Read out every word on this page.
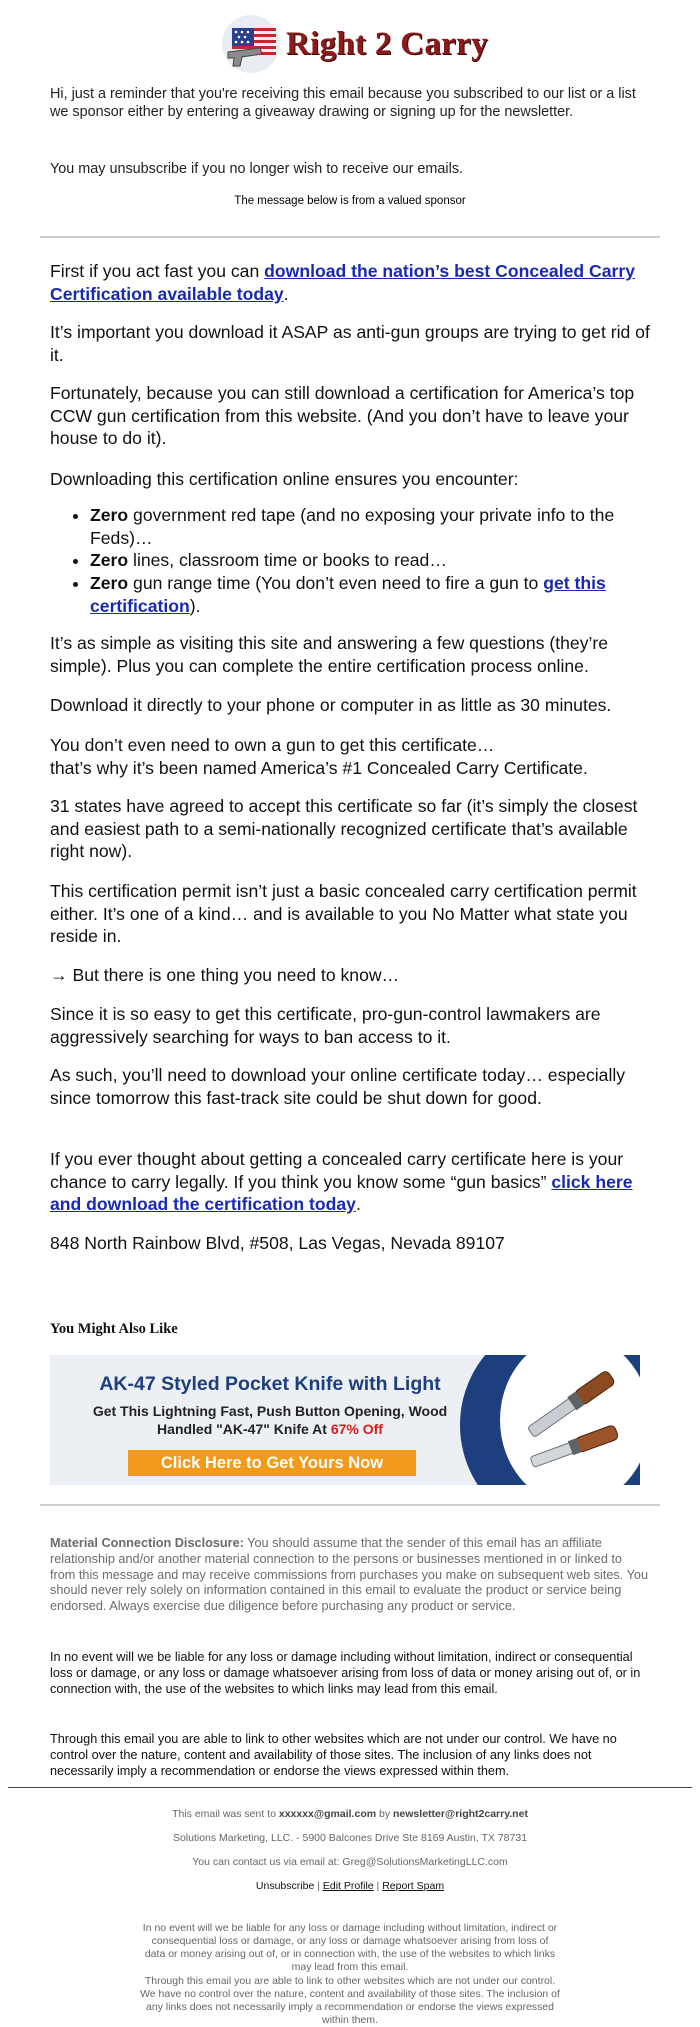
Right 2 Carry

Hi, just a reminder that you're receiving this email because you subscribed to our list or a list we sponsor either by entering a giveaway drawing or signing up for the newsletter.

You may unsubscribe if you no longer wish to receive our emails.

The message below is from a valued sponsor

First if you act fast you can download the nation’s best Concealed Carry Certification available today.

It’s important you download it ASAP as anti-gun groups are trying to get rid of it.

Fortunately, because you can still download a certification for America’s top CCW gun certification from this website. (And you don’t have to leave your house to do it).

Downloading this certification online ensures you encounter:

• Zero government red tape (and no exposing your private info to the Feds)…
• Zero lines, classroom time or books to read…
• Zero gun range time (You don’t even need to fire a gun to get this certification).

It’s as simple as visiting this site and answering a few questions (they’re simple). Plus you can complete the entire certification process online.

Download it directly to your phone or computer in as little as 30 minutes.

You don’t even need to own a gun to get this certificate…
that’s why it’s been named America’s #1 Concealed Carry Certificate.

31 states have agreed to accept this certificate so far (it’s simply the closest and easiest path to a semi-nationally recognized certificate that’s available right now).

This certification permit isn’t just a basic concealed carry certification permit either. It’s one of a kind… and is available to you No Matter what state you reside in.

→ But there is one thing you need to know…

Since it is so easy to get this certificate, pro-gun-control lawmakers are aggressively searching for ways to ban access to it.

As such, you’ll need to download your online certificate today… especially since tomorrow this fast-track site could be shut down for good.

If you ever thought about getting a concealed carry certificate here is your chance to carry legally. If you think you know some “gun basics” click here and download the certification today.

848 North Rainbow Blvd, #508, Las Vegas, Nevada 89107

You Might Also Like

AK-47 Styled Pocket Knife with Light
Get This Lightning Fast, Push Button Opening, Wood
Handled "AK-47" Knife At 67% Off
Click Here to Get Yours Now

Material Connection Disclosure: You should assume that the sender of this email has an affiliate relationship and/or another material connection to the persons or businesses mentioned in or linked to from this message and may receive commissions from purchases you make on subsequent web sites. You should never rely solely on information contained in this email to evaluate the product or service being endorsed. Always exercise due diligence before purchasing any product or service.

In no event will we be liable for any loss or damage including without limitation, indirect or consequential loss or damage, or any loss or damage whatsoever arising from loss of data or money arising out of, or in connection with, the use of the websites to which links may lead from this email.

Through this email you are able to link to other websites which are not under our control. We have no control over the nature, content and availability of those sites. The inclusion of any links does not necessarily imply a recommendation or endorse the views expressed within them.

This email was sent to xxxxxx@gmail.com by newsletter@right2carry.net

Solutions Marketing, LLC. - 5900 Balcones Drive Ste 8169 Austin, TX 78731

You can contact us via email at: Greg@SolutionsMarketingLLC.com

Unsubscribe | Edit Profile | Report Spam

In no event will we be liable for any loss or damage including without limitation, indirect or consequential loss or damage, or any loss or damage whatsoever arising from loss of data or money arising out of, or in connection with, the use of the websites to which links may lead from this email.

Through this email you are able to link to other websites which are not under our control. We have no control over the nature, content and availability of those sites. The inclusion of any links does not necessarily imply a recommendation or endorse the views expressed within them.
